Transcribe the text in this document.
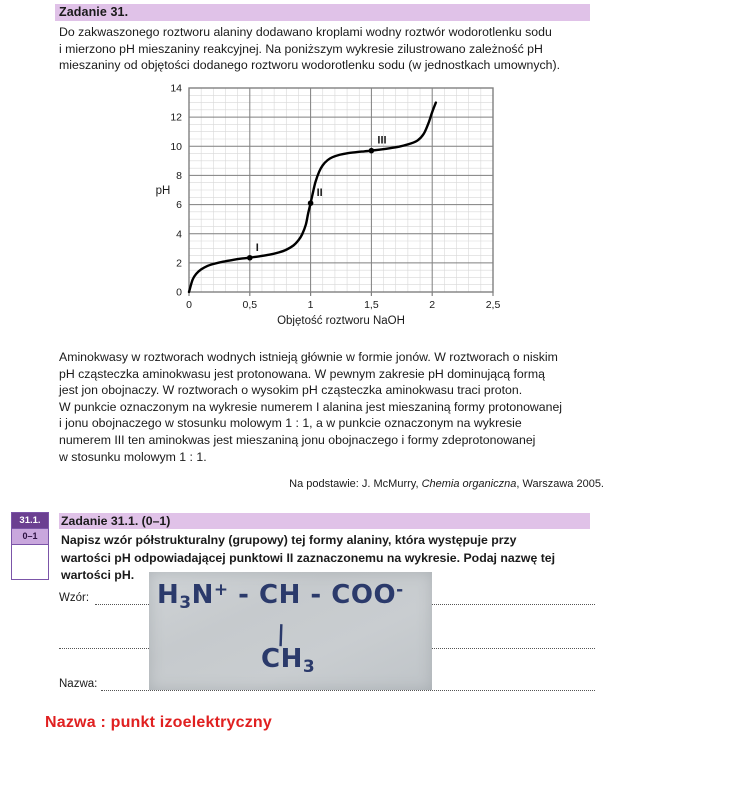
Zadanie 31.

Do zakwaszonego roztworu alaniny dodawano kroplami wodny roztwór wodorotlenku sodu

i mierzono pH mieszaniny reakcyjnej. Na poniższym wykresie zilustrowano zależność pH

mieszaniny od objętości dodanego roztworu wodorotlenku sodu (w jednostkach umownych).

0	0,5	1	1,5	2	2,5
0
2
4
6
8
10
12
14
pH
Objętość roztworu NaOH
I
II
III

Aminokwasy w roztworach wodnych istnieją głównie w formie jonów. W roztworach o niskim

pH cząsteczka aminokwasu jest protonowana. W pewnym zakresie pH dominującą formą

jest jon obojnaczy. W roztworach o wysokim pH cząsteczka aminokwasu traci proton.

W punkcie oznaczonym na wykresie numerem I alanina jest mieszaniną formy protonowanej

i jonu obojnaczego w stosunku molowym 1 : 1, a w punkcie oznaczonym na wykresie

numerem III ten aminokwas jest mieszaniną jonu obojnaczego i formy zdeprotonowanej

w stosunku molowym 1 : 1.

Na podstawie: J. McMurry, Chemia organiczna, Warszawa 2005.
31.1.
0–1
Zadanie 31.1. (0–1)

Napisz wzór półstrukturalny (grupowy) tej formy alaniny, która występuje przy

wartości pH odpowiadającej punktowi II zaznaczonemu na wykresie. Podaj nazwę tej

wartości pH.

Wzór:
Nazwa:
$H_3N^+$ - CH - COO-
|
$CH_3$
Nazwa : punkt izoelektryczny
